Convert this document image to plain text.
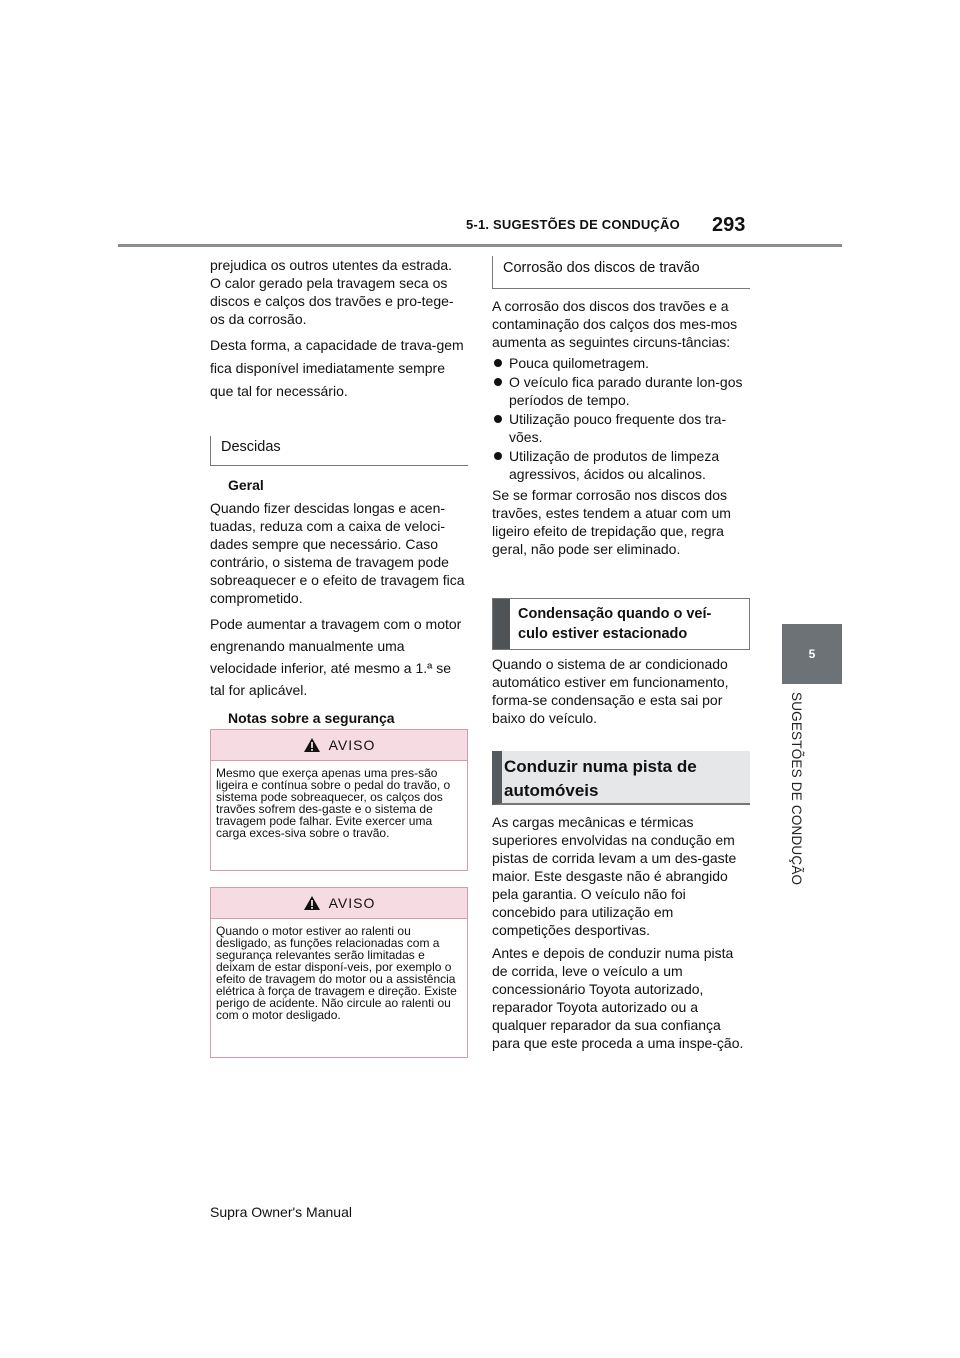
5-1. SUGESTÕES DE CONDUÇÃO 293
5
SUGESTÕES DE CONDUÇÃO

prejudica os outros utentes da estrada.

O calor gerado pela travagem seca os discos e calços dos travões e pro-tege-os da corrosão.

Desta forma, a capacidade de trava-gem fica disponível imediatamente sempre que tal for necessário.

Descidas

Geral

Quando fizer descidas longas e acen-tuadas, reduza com a caixa de veloci-dades sempre que necessário. Caso contrário, o sistema de travagem pode sobreaquecer e o efeito de travagem fica comprometido.

Pode aumentar a travagem com o motor engrenando manualmente uma velocidade inferior, até mesmo a 1.ª se tal for aplicável.

Notas sobre a segurança

AVISO
Mesmo que exerça apenas uma pres-são ligeira e contínua sobre o pedal do travão, o sistema pode sobreaquecer, os calços dos travões sofrem des-gaste e o sistema de travagem pode falhar. Evite exercer uma carga exces-siva sobre o travão.
AVISO
Quando o motor estiver ao ralenti ou desligado, as funções relacionadas com a segurança relevantes serão limitadas e deixam de estar disponí-veis, por exemplo o efeito de travagem do motor ou a assistência elétrica à força de travagem e direção. Existe perigo de acidente. Não circule ao ralenti ou com o motor desligado.
Corrosão dos discos de travão

A corrosão dos discos dos travões e a contaminação dos calços dos mes-mos aumenta as seguintes circuns-tâncias:

Pouca quilometragem.
O veículo fica parado durante lon-gos períodos de tempo.
Utilização pouco frequente dos tra-vões.
Utilização de produtos de limpeza agressivos, ácidos ou alcalinos.

Se se formar corrosão nos discos dos travões, estes tendem a atuar com um ligeiro efeito de trepidação que, regra geral, não pode ser eliminado.

Condensação quando o veí-culo estiver estacionado

Quando o sistema de ar condicionado automático estiver em funcionamento, forma-se condensação e esta sai por baixo do veículo.

Conduzir numa pista de automóveis

As cargas mecânicas e térmicas superiores envolvidas na condução em pistas de corrida levam a um des-gaste maior. Este desgaste não é abrangido pela garantia. O veículo não foi concebido para utilização em competições desportivas.

Antes e depois de conduzir numa pista de corrida, leve o veículo a um concessionário Toyota autorizado, reparador Toyota autorizado ou a qualquer reparador da sua confiança para que este proceda a uma inspe-ção.

Supra Owner's Manual
